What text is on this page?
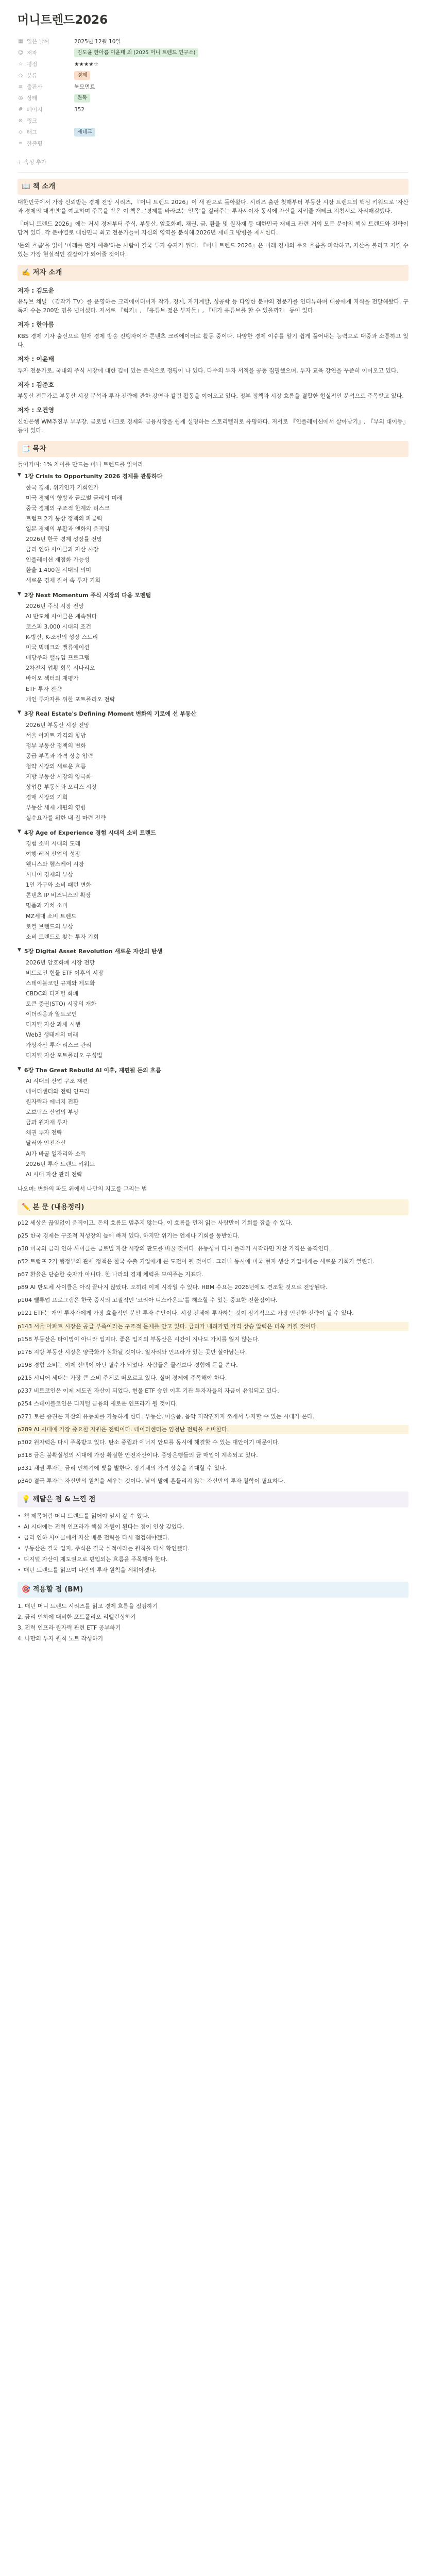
머니트렌드2026
▦ 읽은 날짜	2025년 12월 10일
☺ 저자	김도윤 한아름 이윤태 외 (2025 머니 트렌드 연구소)
☆ 평점	★★★★☆
◇ 분류	경제
≡ 출판사	북모먼트
◎ 상태	완독
# 페이지	352
⊘ 링크
◇ 태그	재테크
≡ 한줄평
+ 속성 추가
📖 책 소개

대한민국에서 가장 신뢰받는 경제 전망 시리즈, 『머니 트렌드 2026』이 새 판으로 돌아왔다. 시리즈 출판 첫해부터 부동산 시장 트렌드의 핵심 키워드로 '자산과 경제의 대격변'을 예고하며 주목을 받은 이 책은, '경제를 바라보는 안목'을 길러주는 투자서이자 동시에 자산을 지켜줄 재테크 지침서로 자리매김했다.

『머니 트렌드 2026』에는 거시 경제부터 주식, 부동산, 암호화폐, 채권, 금, 환율 및 원자재 등 대한민국 재테크 관련 거의 모든 분야의 핵심 트렌드와 전략이 담겨 있다. 각 분야별로 대한민국 최고 전문가들이 자신의 영역을 분석해 2026년 재테크 방향을 제시한다.

'돈의 흐름'을 읽어 '미래를 먼저 예측'하는 사람이 결국 투자 승자가 된다. 『머니 트렌드 2026』은 미래 경제의 주요 흐름을 파악하고, 자산을 불리고 지킬 수 있는 가장 현실적인 길잡이가 되어줄 것이다.

✍️ 저자 소개
저자 : 김도윤

유튜브 채널 〈김작가 TV〉를 운영하는 크리에이터이자 작가. 경제, 자기계발, 성공학 등 다양한 분야의 전문가를 인터뷰하며 대중에게 지식을 전달해왔다. 구독자 수는 200만 명을 넘어섰다. 저서로 『럭키』, 『유튜브 젊은 부자들』, 『내가 유튜브를 할 수 있을까?』 등이 있다.

저자 : 한아름

KBS 경제 기자 출신으로 현재 경제 방송 진행자이자 콘텐츠 크리에이터로 활동 중이다. 다양한 경제 이슈를 알기 쉽게 풀어내는 능력으로 대중과 소통하고 있다.

저자 : 이윤태

투자 전문가로, 국내외 주식 시장에 대한 깊이 있는 분석으로 정평이 나 있다. 다수의 투자 서적을 공동 집필했으며, 투자 교육 강연을 꾸준히 이어오고 있다.

저자 : 김준호

부동산 전문가로 부동산 시장 분석과 투자 전략에 관한 강연과 칼럼 활동을 이어오고 있다. 정부 정책과 시장 흐름을 결합한 현실적인 분석으로 주목받고 있다.

저자 : 오건영

신한은행 WM추진부 부부장. 글로벌 매크로 경제와 금융시장을 쉽게 설명하는 스토리텔러로 유명하다. 저서로 『인플레이션에서 살아남기』, 『부의 대이동』 등이 있다.

📑 목차

들어가며: 1% 차이를 만드는 머니 트렌드를 읽어라

▼ 1장 Crisis to Opportunity 2026 경제를 관통하다
한국 경제, 위기인가 기회인가
미국 경제의 향방과 글로벌 금리의 미래
중국 경제의 구조적 한계와 리스크
트럼프 2기 통상 정책의 파급력
일본 경제의 부활과 엔화의 움직임
2026년 한국 경제 성장률 전망
금리 인하 사이클과 자산 시장
인플레이션 재점화 가능성
환율 1,400원 시대의 의미
새로운 경제 질서 속 투자 기회
▼ 2장 Next Momentum 주식 시장의 다음 모멘텀
2026년 주식 시장 전망
AI 반도체 사이클은 계속된다
코스피 3,000 시대의 조건
K-방산, K-조선의 성장 스토리
미국 빅테크와 밸류에이션
배당주와 밸류업 프로그램
2차전지 업황 회복 시나리오
바이오 섹터의 재평가
ETF 투자 전략
개인 투자자를 위한 포트폴리오 전략
▼ 3장 Real Estate's Defining Moment 변화의 기로에 선 부동산
2026년 부동산 시장 전망
서울 아파트 가격의 향방
정부 부동산 정책의 변화
공급 부족과 가격 상승 압력
청약 시장의 새로운 흐름
지방 부동산 시장의 양극화
상업용 부동산과 오피스 시장
경매 시장의 기회
부동산 세제 개편의 영향
실수요자를 위한 내 집 마련 전략
▼ 4장 Age of Experience 경험 시대의 소비 트렌드
경험 소비 시대의 도래
여행·레저 산업의 성장
웰니스와 헬스케어 시장
시니어 경제의 부상
1인 가구와 소비 패턴 변화
콘텐츠 IP 비즈니스의 확장
명품과 가치 소비
MZ세대 소비 트렌드
로컬 브랜드의 부상
소비 트렌드로 찾는 투자 기회
▼ 5장 Digital Asset Revolution 새로운 자산의 탄생
2026년 암호화폐 시장 전망
비트코인 현물 ETF 이후의 시장
스테이블코인 규제와 제도화
CBDC와 디지털 화폐
토큰 증권(STO) 시장의 개화
이더리움과 알트코인
디지털 자산 과세 시행
Web3 생태계의 미래
가상자산 투자 리스크 관리
디지털 자산 포트폴리오 구성법
▼ 6장 The Great Rebuild AI 이후, 재편될 돈의 흐름
AI 시대의 산업 구조 재편
데이터센터와 전력 인프라
원자력과 에너지 전환
로보틱스 산업의 부상
금과 원자재 투자
채권 투자 전략
달러와 안전자산
AI가 바꿀 일자리와 소득
2026년 투자 트렌드 키워드
AI 시대 자산 관리 전략

나오며: 변화의 파도 위에서 나만의 지도를 그리는 법

✏️ 본 문 (내용정리)

p12 세상은 끊임없이 움직이고, 돈의 흐름도 멈추지 않는다. 이 흐름을 먼저 읽는 사람만이 기회를 잡을 수 있다.

p25 한국 경제는 구조적 저성장의 늪에 빠져 있다. 하지만 위기는 언제나 기회를 동반한다.

p38 미국의 금리 인하 사이클은 글로벌 자산 시장의 판도를 바꿀 것이다. 유동성이 다시 풀리기 시작하면 자산 가격은 움직인다.

p52 트럼프 2기 행정부의 관세 정책은 한국 수출 기업에게 큰 도전이 될 것이다. 그러나 동시에 미국 현지 생산 기업에게는 새로운 기회가 열린다.

p67 환율은 단순한 숫자가 아니다. 한 나라의 경제 체력을 보여주는 지표다.

p89 AI 반도체 사이클은 아직 끝나지 않았다. 오히려 이제 시작일 수 있다. HBM 수요는 2026년에도 견조할 것으로 전망된다.

p104 밸류업 프로그램은 한국 증시의 고질적인 '코리아 디스카운트'를 해소할 수 있는 중요한 전환점이다.

p121 ETF는 개인 투자자에게 가장 효율적인 분산 투자 수단이다. 시장 전체에 투자하는 것이 장기적으로 가장 안전한 전략이 될 수 있다.

p143 서울 아파트 시장은 공급 부족이라는 구조적 문제를 안고 있다. 금리가 내려가면 가격 상승 압력은 더욱 커질 것이다.

p158 부동산은 타이밍이 아니라 입지다. 좋은 입지의 부동산은 시간이 지나도 가치를 잃지 않는다.

p176 지방 부동산 시장은 양극화가 심화될 것이다. 일자리와 인프라가 있는 곳만 살아남는다.

p198 경험 소비는 이제 선택이 아닌 필수가 되었다. 사람들은 물건보다 경험에 돈을 쓴다.

p215 시니어 세대는 가장 큰 소비 주체로 떠오르고 있다. 실버 경제에 주목해야 한다.

p237 비트코인은 이제 제도권 자산이 되었다. 현물 ETF 승인 이후 기관 투자자들의 자금이 유입되고 있다.

p254 스테이블코인은 디지털 금융의 새로운 인프라가 될 것이다.

p271 토큰 증권은 자산의 유동화를 가능하게 한다. 부동산, 미술품, 음악 저작권까지 쪼개서 투자할 수 있는 시대가 온다.

p289 AI 시대에 가장 중요한 자원은 전력이다. 데이터센터는 엄청난 전력을 소비한다.

p302 원자력은 다시 주목받고 있다. 탄소 중립과 에너지 안보를 동시에 해결할 수 있는 대안이기 때문이다.

p318 금은 불확실성의 시대에 가장 확실한 안전자산이다. 중앙은행들의 금 매입이 계속되고 있다.

p331 채권 투자는 금리 인하기에 빛을 발한다. 장기채의 가격 상승을 기대할 수 있다.

p340 결국 투자는 자신만의 원칙을 세우는 것이다. 남의 말에 흔들리지 않는 자신만의 투자 철학이 필요하다.

💡 깨달은 점 & 느낀 점
• 책 제목처럼 머니 트렌드를 읽어야 앞서 갈 수 있다.
• AI 시대에는 전력 인프라가 핵심 자원이 된다는 점이 인상 깊었다.
• 금리 인하 사이클에서 자산 배분 전략을 다시 점검해야겠다.
• 부동산은 결국 입지, 주식은 결국 실적이라는 원칙을 다시 확인했다.
• 디지털 자산이 제도권으로 편입되는 흐름을 주목해야 한다.
• 매년 트렌드를 읽으며 나만의 투자 원칙을 세워야겠다.
🎯 적용할 점 (BM)
1. 매년 머니 트렌드 시리즈를 읽고 경제 흐름을 점검하기
2. 금리 인하에 대비한 포트폴리오 리밸런싱하기
3. 전력 인프라·원자력 관련 ETF 공부하기
4. 나만의 투자 원칙 노트 작성하기
